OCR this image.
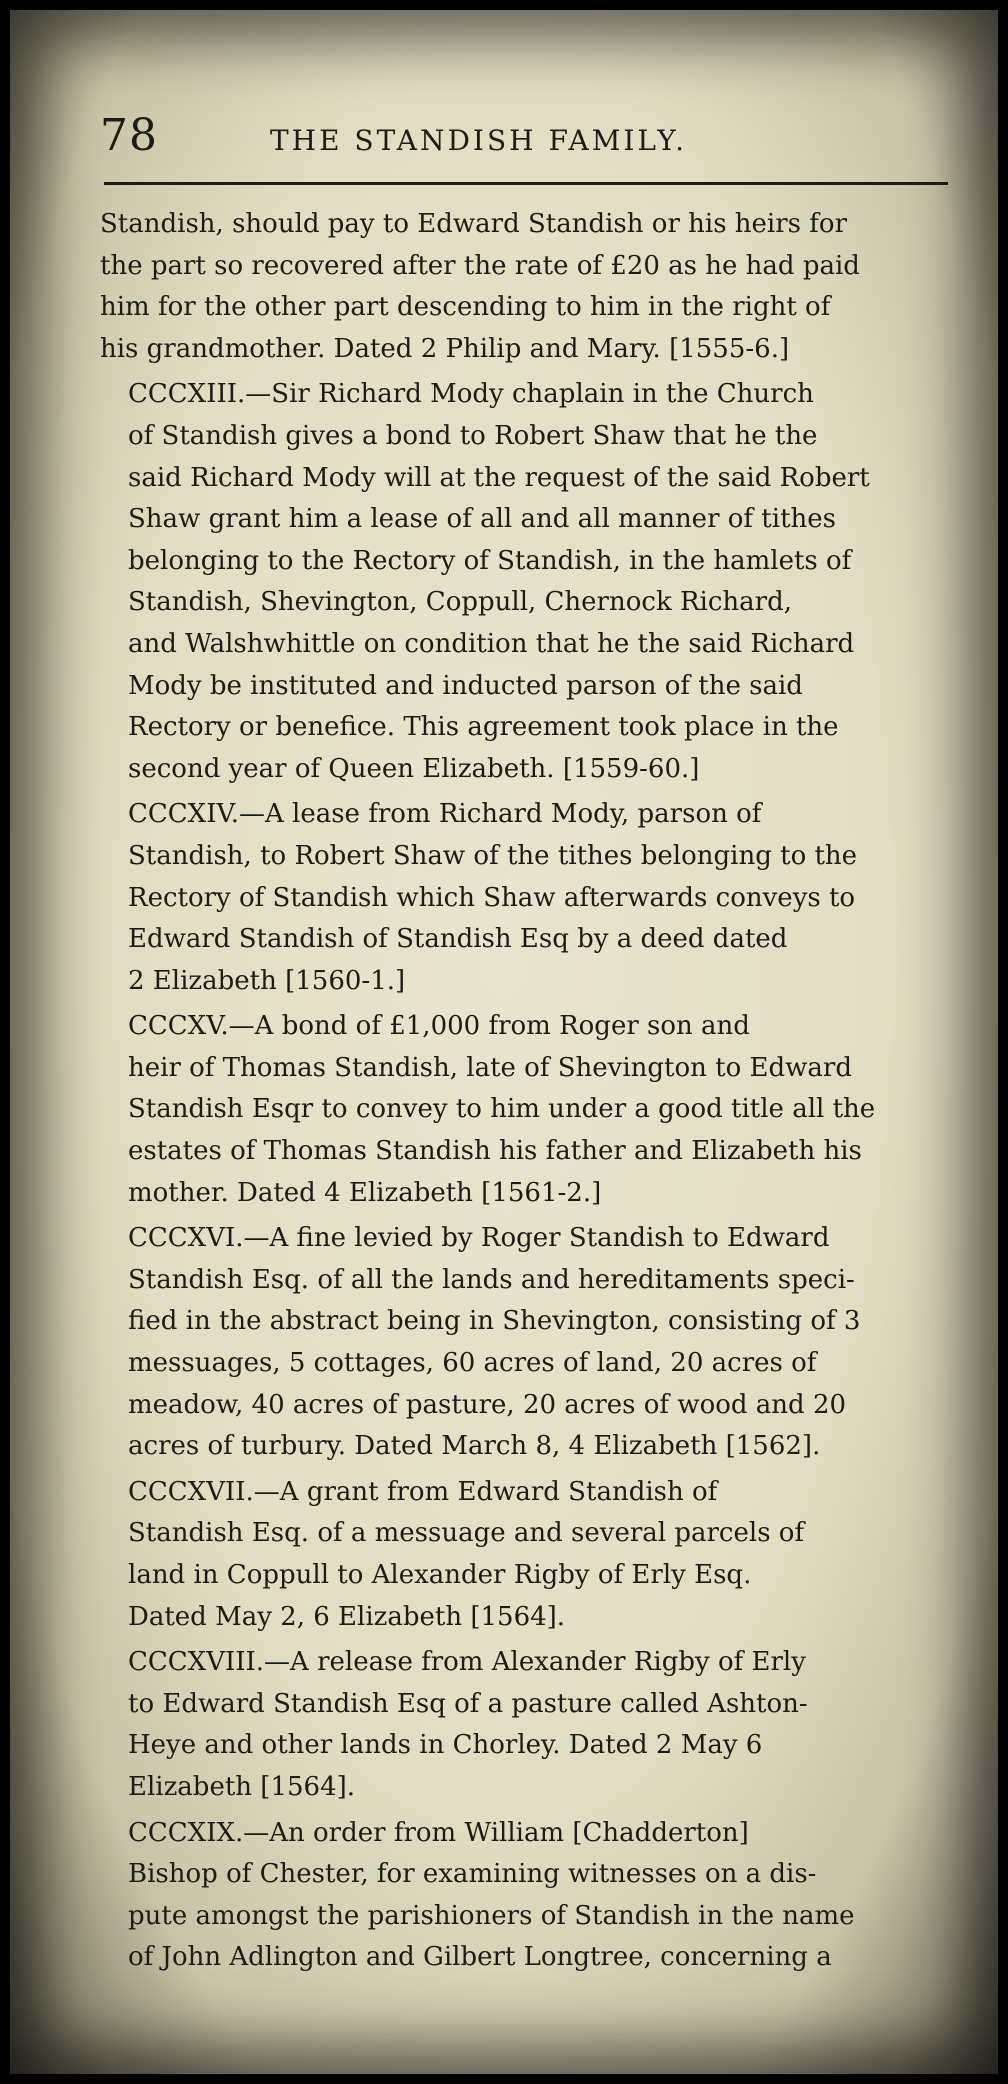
78	THE STANDISH FAMILY.

Standish, should pay to Edward Standish or his heirs for
the part so recovered after the rate of £20 as he had paid
him for the other part descending to him in the right of
his grandmother. Dated 2 Philip and Mary. [1555-6.]

CCCXIII.—Sir Richard Mody chaplain in the Church
of Standish gives a bond to Robert Shaw that he the
said Richard Mody will at the request of the said Robert
Shaw grant him a lease of all and all manner of tithes
belonging to the Rectory of Standish, in the hamlets of
Standish, Shevington, Coppull, Chernock Richard,
and Walshwhittle on condition that he the said Richard
Mody be instituted and inducted parson of the said
Rectory or benefice. This agreement took place in the
second year of Queen Elizabeth. [1559-60.]

CCCXIV.—A lease from Richard Mody, parson of
Standish, to Robert Shaw of the tithes belonging to the
Rectory of Standish which Shaw afterwards conveys to
Edward Standish of Standish Esq by a deed dated
2 Elizabeth [1560-1.]

CCCXV.—A bond of £1,000 from Roger son and
heir of Thomas Standish, late of Shevington to Edward
Standish Esqr to convey to him under a good title all the
estates of Thomas Standish his father and Elizabeth his
mother. Dated 4 Elizabeth [1561-2.]

CCCXVI.—A fine levied by Roger Standish to Edward
Standish Esq. of all the lands and hereditaments speci-
fied in the abstract being in Shevington, consisting of 3
messuages, 5 cottages, 60 acres of land, 20 acres of
meadow, 40 acres of pasture, 20 acres of wood and 20
acres of turbury. Dated March 8, 4 Elizabeth [1562].

CCCXVII.—A grant from Edward Standish of
Standish Esq. of a messuage and several parcels of
land in Coppull to Alexander Rigby of Erly Esq.
Dated May 2, 6 Elizabeth [1564].

CCCXVIII.—A release from Alexander Rigby of Erly
to Edward Standish Esq of a pasture called Ashton-
Heye and other lands in Chorley. Dated 2 May 6
Elizabeth [1564].

CCCXIX.—An order from William [Chadderton]
Bishop of Chester, for examining witnesses on a dis-
pute amongst the parishioners of Standish in the name
of John Adlington and Gilbert Longtree, concerning a
